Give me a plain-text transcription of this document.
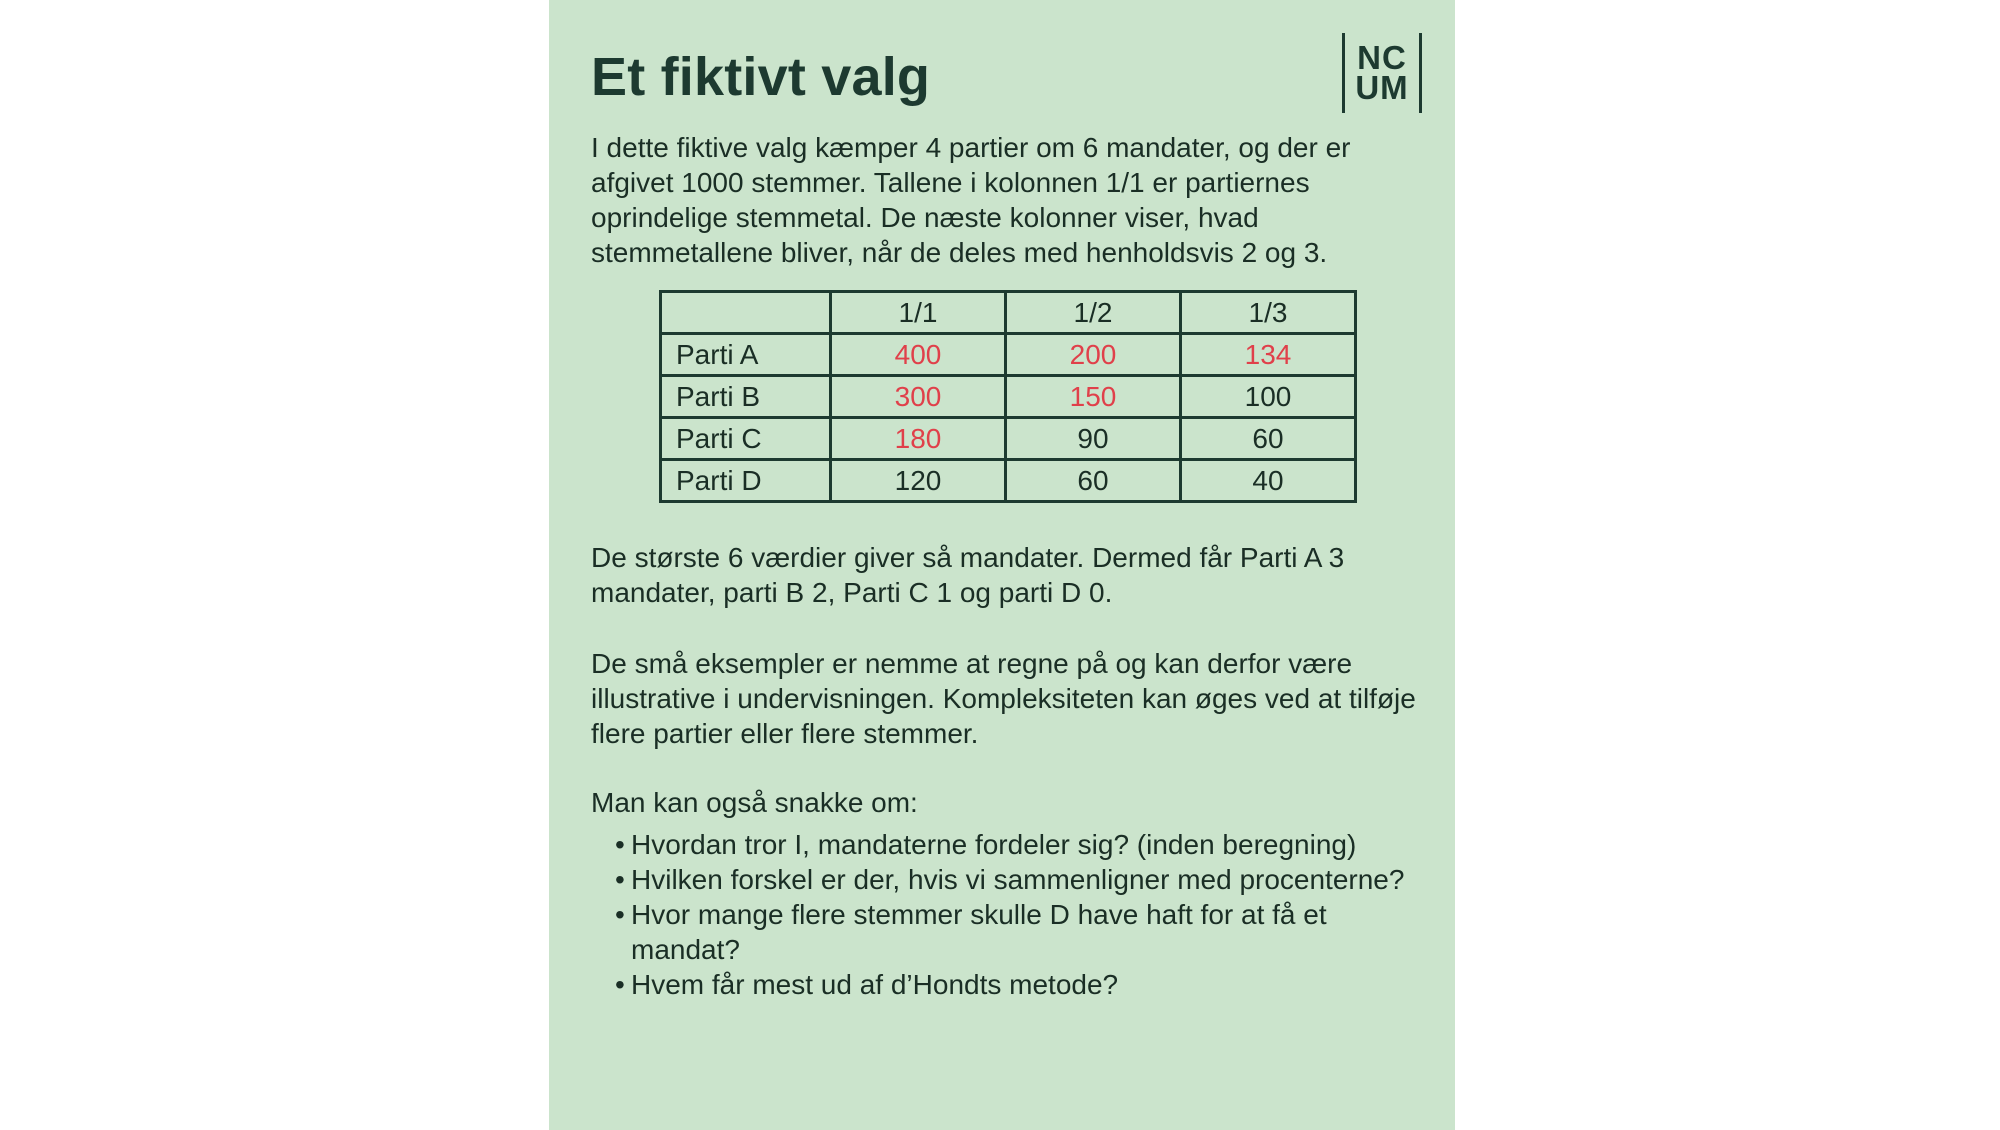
Et fiktivt valg	NC
UM

I dette fiktive valg kæmper 4 partier om 6 mandater, og der er afgivet 1000 stemmer. Tallene i kolonnen 1/1 er partiernes oprindelige stemmetal. De næste kolonner viser, hvad stemmetallene bliver, når de deles med henholdsvis 2 og 3.

	1/1	1/2	1/3
Parti A	400	200	134
Parti B	300	150	100
Parti C	180	90	60
Parti D	120	60	40

De største 6 værdier giver så mandater. Dermed får Parti A 3 mandater, parti B 2, Parti C 1 og parti D 0.

De små eksempler er nemme at regne på og kan derfor være illustrative i undervisningen. Kompleksiteten kan øges ved at tilføje flere partier eller flere stemmer.

Man kan også snakke om:

• Hvordan tror I, mandaterne fordeler sig? (inden beregning)
• Hvilken forskel er der, hvis vi sammenligner med procenterne?
• Hvor mange flere stemmer skulle D have haft for at få et mandat?
• Hvem får mest ud af d’Hondts metode?
